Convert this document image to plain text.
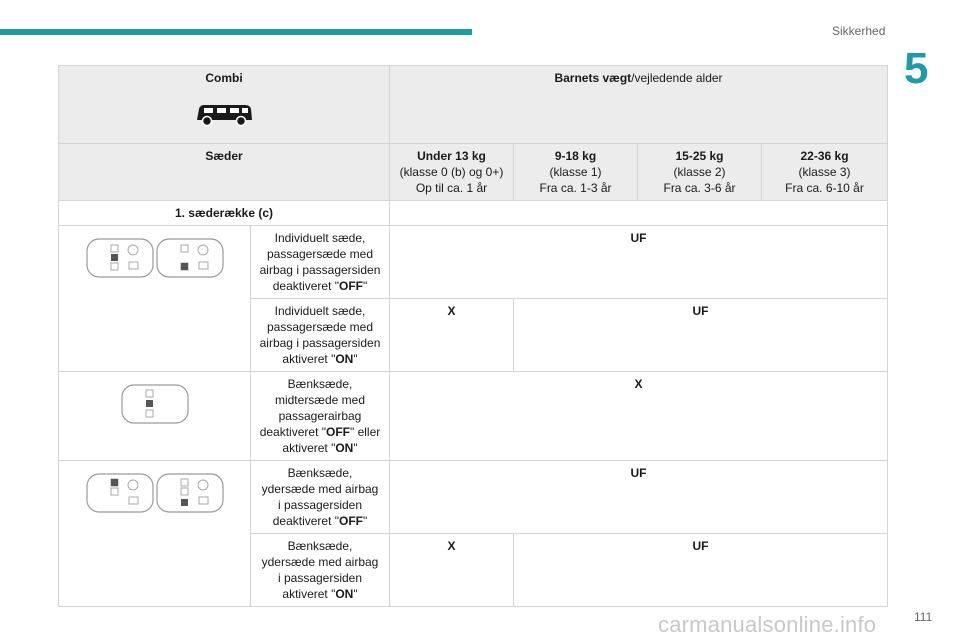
Sikkerhed
5
Combi		Barnets vægt/vejledende alder			
Sæder		Under 13 kg
(klasse 0 (b) og 0+)
Op til ca. 1 år	9-18 kg
(klasse 1)
Fra ca. 1-3 år	15-25 kg
(klasse 2)
Fra ca. 3-6 år	22-36 kg
(klasse 3)
Fra ca. 6-10 år
1. sæderække (c)					
	Individuelt sæde,
passagersæde med
airbag i passagersiden
deaktiveret "OFF"	UF			
	Individuelt sæde,
passagersæde med
airbag i passagersiden
aktiveret "ON"	X	UF		
	Bænksæde,
midtersæde med
passagerairbag
deaktiveret "OFF" eller
aktiveret "ON"	X			
	Bænksæde,
ydersæde med airbag
i passagersiden
deaktiveret "OFF"	UF			
	Bænksæde,
ydersæde med airbag
i passagersiden
aktiveret "ON"	X	UF		
carmanualsonline.info	111
